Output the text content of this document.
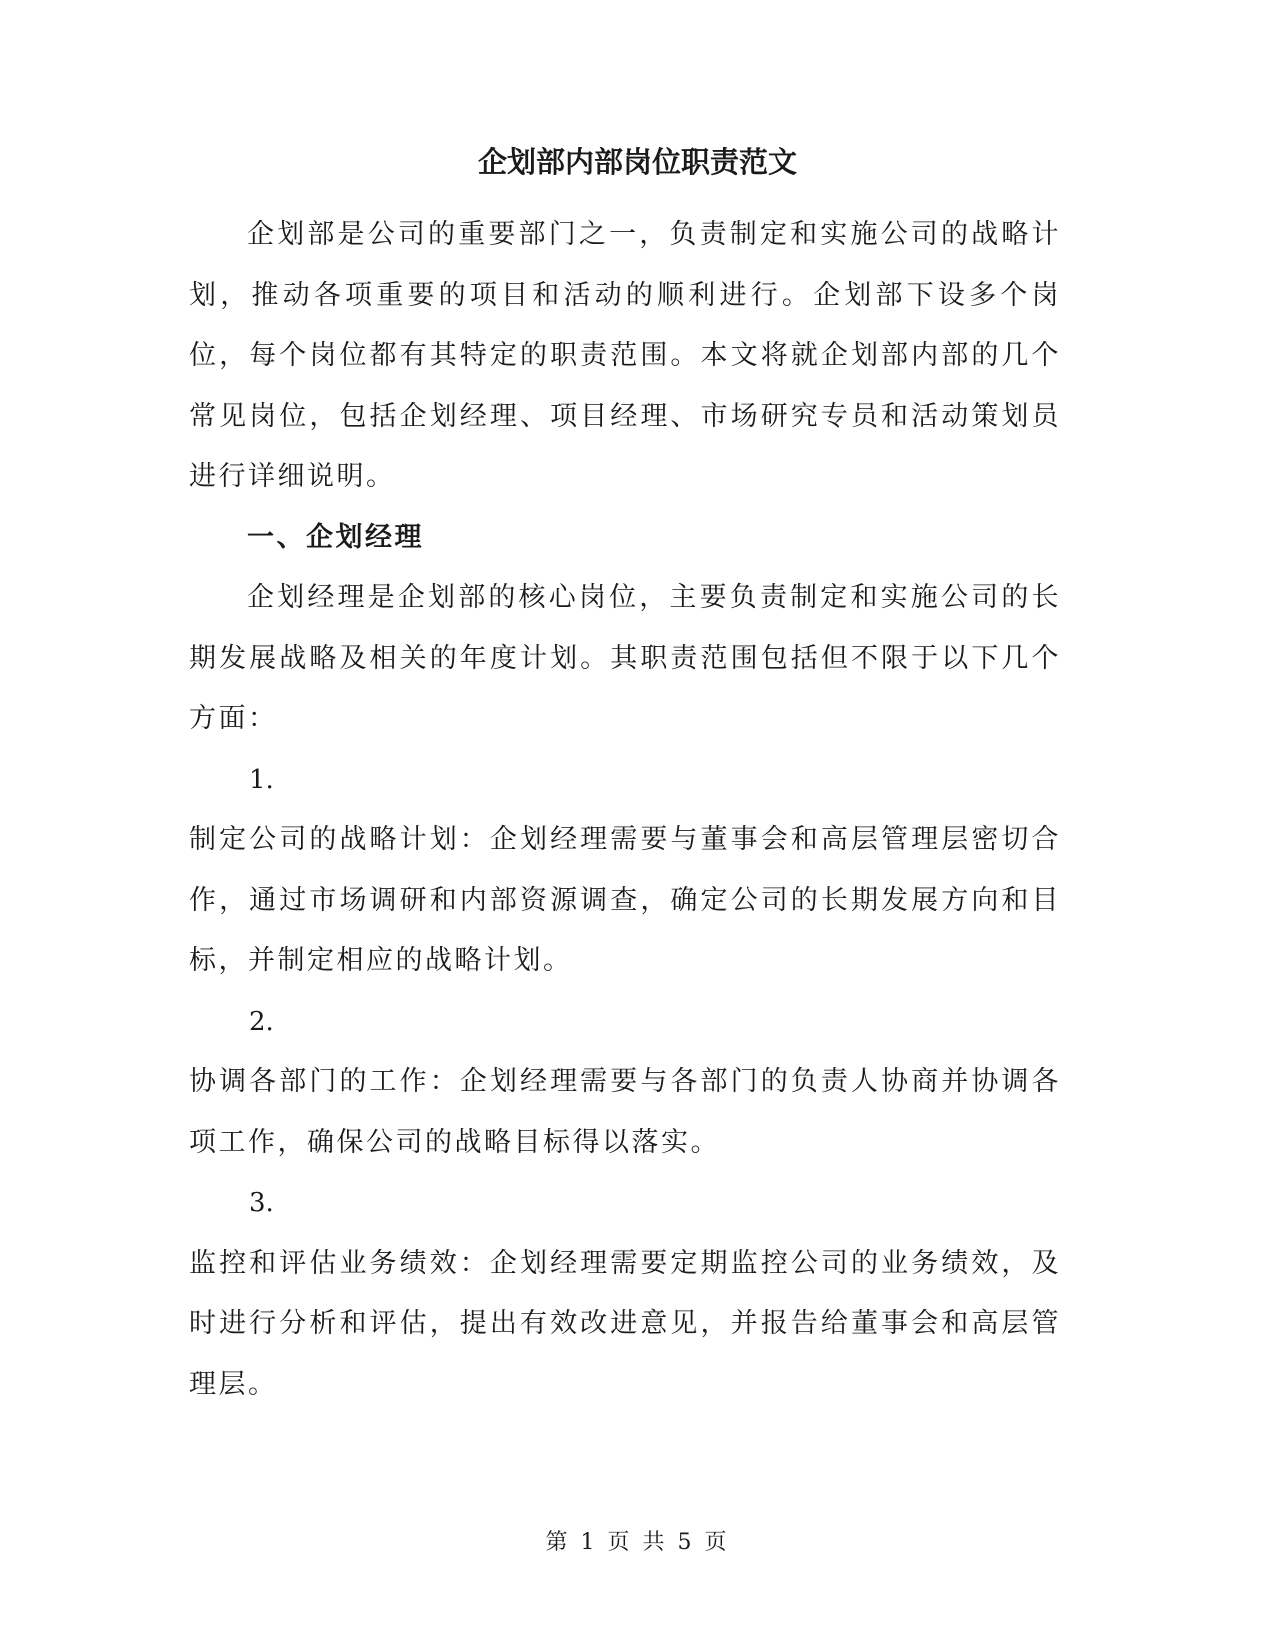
企划部内部岗位职责范文

企划部是公司的重要部门之一，负责制定和实施公司的战略计划，推动各项重要的项目和活动的顺利进行。企划部下设多个岗位，每个岗位都有其特定的职责范围。本文将就企划部内部的几个常见岗位，包括企划经理、项目经理、市场研究专员和活动策划员进行详细说明。

一、企划经理

企划经理是企划部的核心岗位，主要负责制定和实施公司的长期发展战略及相关的年度计划。其职责范围包括但不限于以下几个方面：

1.

制定公司的战略计划：企划经理需要与董事会和高层管理层密切合作，通过市场调研和内部资源调查，确定公司的长期发展方向和目标，并制定相应的战略计划。

2.

协调各部门的工作：企划经理需要与各部门的负责人协商并协调各项工作，确保公司的战略目标得以落实。

3.

监控和评估业务绩效：企划经理需要定期监控公司的业务绩效，及时进行分析和评估，提出有效改进意见，并报告给董事会和高层管理层。

第 1 页 共 5 页
